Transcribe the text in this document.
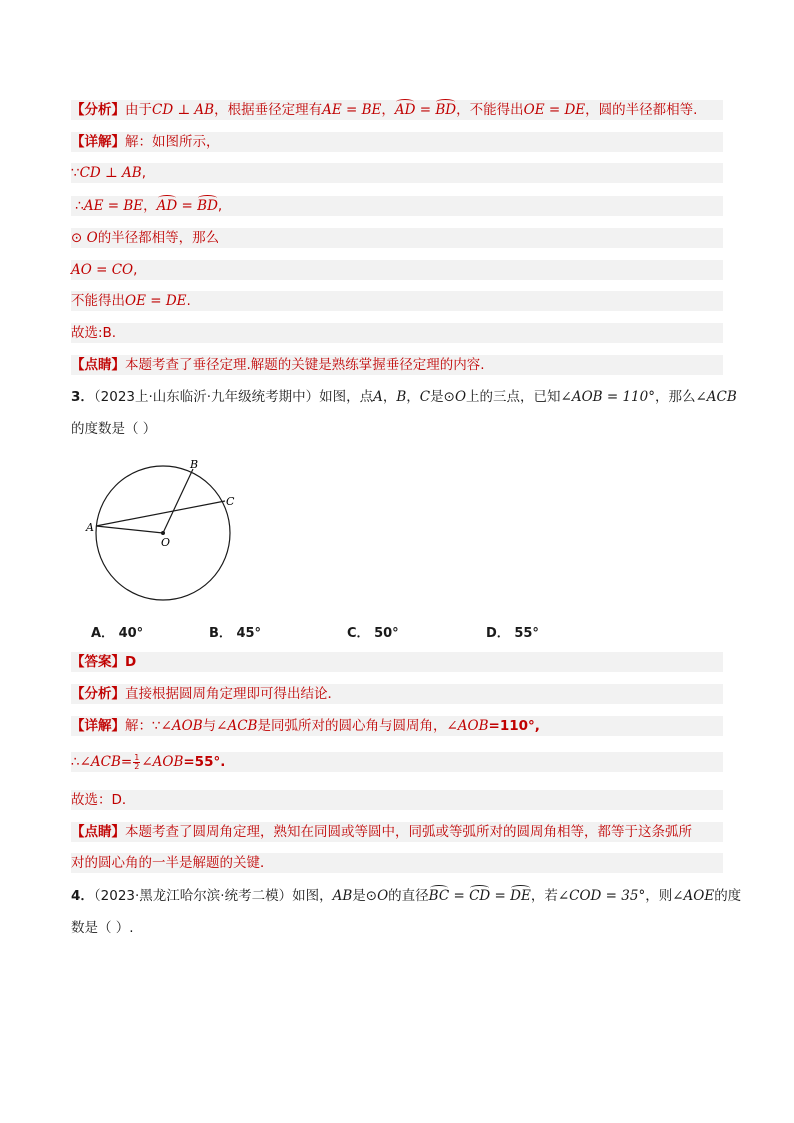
【分析】由于CD ⊥ AB，根据垂径定理有AE = BE，AD = BD，不能得出OE = DE，圆的半径都相等.
【详解】解：如图所示，
∵CD ⊥ AB,
∴AE = BE，AD = BD,
⊙ O的半径都相等，那么
AO = CO,
不能得出OE = DE.
故选:B.
【点睛】本题考查了垂径定理.解题的关键是熟练掌握垂径定理的内容.
3．（2023上·山东临沂·九年级统考期中）如图，点A，B，C是⊙O上的三点，已知∠AOB = 110°，那么∠ACB
的度数是（ ）
A
B
C
O
A． 40°	B． 45°	C． 50°	D． 55°
【答案】D
【分析】直接根据圆周角定理即可得出结论．
【详解】解：∵∠AOB与∠ACB是同弧所对的圆心角与圆周角，∠AOB=110°,
∴∠ACB= $\frac{1}{2}$ ∠AOB=55°.
故选：D．
【点睛】本题考查了圆周角定理，熟知在同圆或等圆中，同弧或等弧所对的圆周角相等，都等于这条弧所
对的圆心角的一半是解题的关键．
4．（2023·黑龙江哈尔滨·统考二模）如图，AB是⊙O的直径BC = CD = DE，若∠COD = 35°，则∠AOE的度
数是（ ）.
